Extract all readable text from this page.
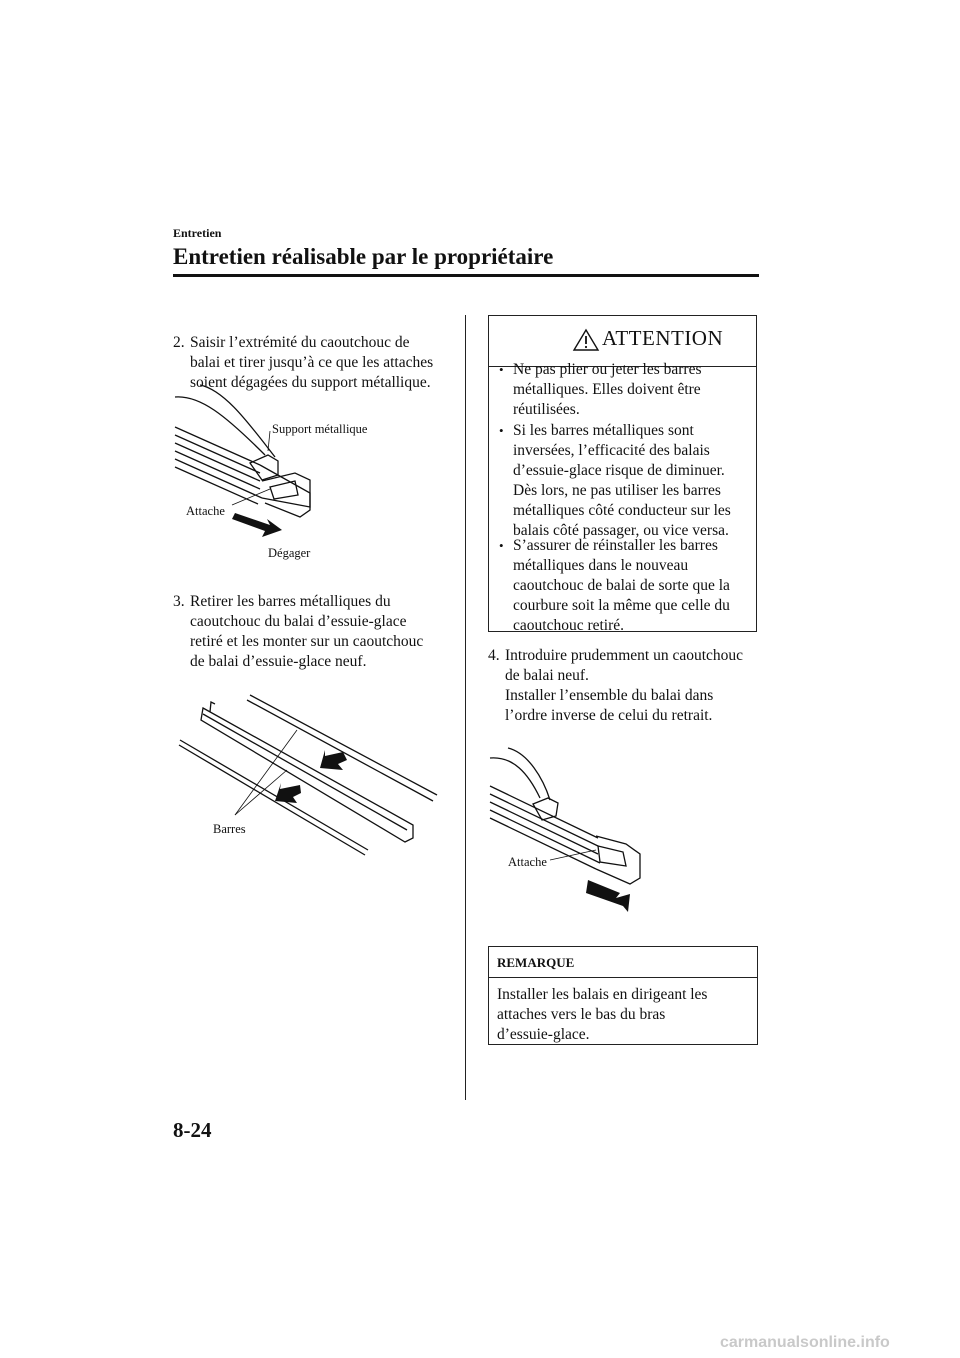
Entretien
Entretien réalisable par le propriétaire
2. Saisir l’extrémité du caoutchouc de
balai et tirer jusqu’à ce que les attaches
soient dégagées du support métallique.
Support métallique
Attache
Dégager
3. Retirer les barres métalliques du
caoutchouc du balai d’essuie-glace
retiré et les monter sur un caoutchouc
de balai d’essuie-glace neuf.
Barres
ATTENTION
• Ne pas plier ou jeter les barres
métalliques. Elles doivent être
réutilisées.
• Si les barres métalliques sont
inversées, l’efficacité des balais
d’essuie-glace risque de diminuer.
Dès lors, ne pas utiliser les barres
métalliques côté conducteur sur les
balais côté passager, ou vice versa.
• S’assurer de réinstaller les barres
métalliques dans le nouveau
caoutchouc de balai de sorte que la
courbure soit la même que celle du
caoutchouc retiré.
4. Introduire prudemment un caoutchouc
de balai neuf.
Installer l’ensemble du balai dans
l’ordre inverse de celui du retrait.
Attache
REMARQUE
Installer les balais en dirigeant les
attaches vers le bas du bras
d’essuie-glace.
8-24
carmanualsonline.info
